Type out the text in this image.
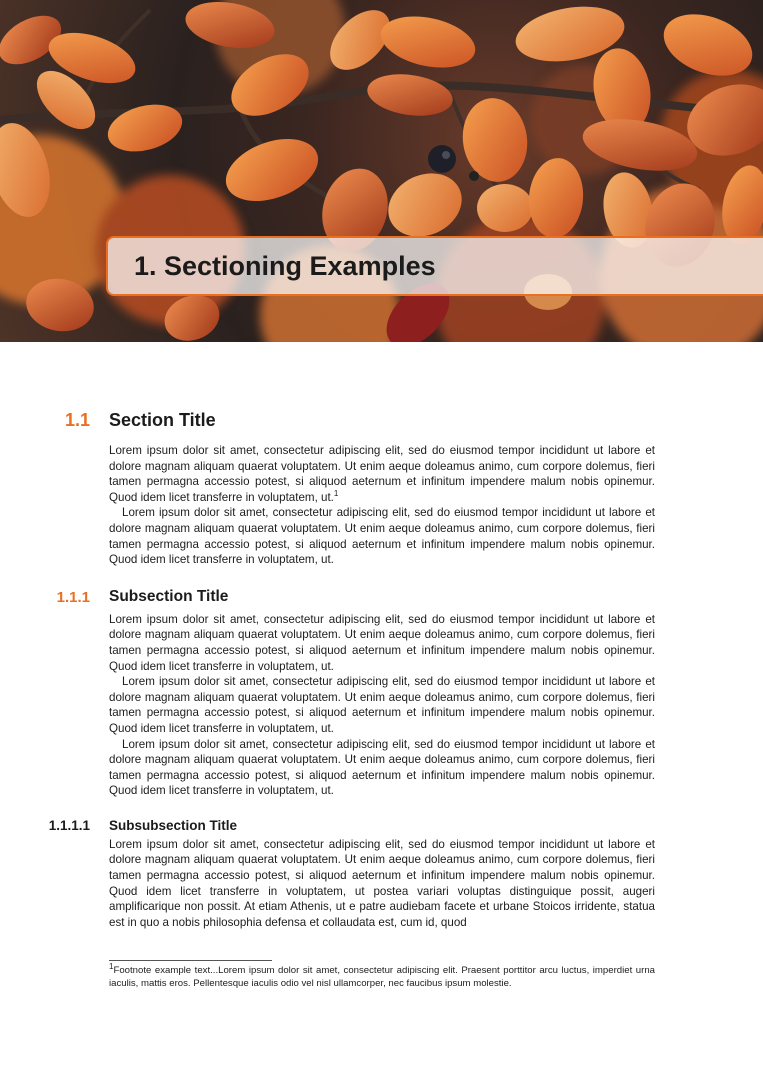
1. Sectioning Examples
1.1 Section Title

Lorem ipsum dolor sit amet, consectetur adipiscing elit, sed do eiusmod tempor incididunt ut labore et dolore magnam aliquam quaerat voluptatem. Ut enim aeque doleamus animo, cum corpore dolemus, fieri tamen permagna accessio potest, si aliquod aeternum et infinitum impendere malum nobis opinemur. Quod idem licet transferre in voluptatem, ut.$^1$

Lorem ipsum dolor sit amet, consectetur adipiscing elit, sed do eiusmod tempor incididunt ut labore et dolore magnam aliquam quaerat voluptatem. Ut enim aeque doleamus animo, cum corpore dolemus, fieri tamen permagna accessio potest, si aliquod aeternum et infinitum impendere malum nobis opinemur. Quod idem licet transferre in voluptatem, ut.

1.1.1 Subsection Title

Lorem ipsum dolor sit amet, consectetur adipiscing elit, sed do eiusmod tempor incididunt ut labore et dolore magnam aliquam quaerat voluptatem. Ut enim aeque doleamus animo, cum corpore dolemus, fieri tamen permagna accessio potest, si aliquod aeternum et infinitum impendere malum nobis opinemur. Quod idem licet transferre in voluptatem, ut.

Lorem ipsum dolor sit amet, consectetur adipiscing elit, sed do eiusmod tempor incididunt ut labore et dolore magnam aliquam quaerat voluptatem. Ut enim aeque doleamus animo, cum corpore dolemus, fieri tamen permagna accessio potest, si aliquod aeternum et infinitum impendere malum nobis opinemur. Quod idem licet transferre in voluptatem, ut.

Lorem ipsum dolor sit amet, consectetur adipiscing elit, sed do eiusmod tempor incididunt ut labore et dolore magnam aliquam quaerat voluptatem. Ut enim aeque doleamus animo, cum corpore dolemus, fieri tamen permagna accessio potest, si aliquod aeternum et infinitum impendere malum nobis opinemur. Quod idem licet transferre in voluptatem, ut.

1.1.1.1 Subsubsection Title

Lorem ipsum dolor sit amet, consectetur adipiscing elit, sed do eiusmod tempor incididunt ut labore et dolore magnam aliquam quaerat voluptatem. Ut enim aeque doleamus animo, cum corpore dolemus, fieri tamen permagna accessio potest, si aliquod aeternum et infinitum impendere malum nobis opinemur. Quod idem licet transferre in voluptatem, ut postea variari voluptas distinguique possit, augeri amplificarique non possit. At etiam Athenis, ut e patre audiebam facete et urbane Stoicos irridente, statua est in quo a nobis philosophia defensa et collaudata est, cum id, quod

$^1$Footnote example text...Lorem ipsum dolor sit amet, consectetur adipiscing elit. Praesent porttitor arcu luctus, imperdiet urna iaculis, mattis eros. Pellentesque iaculis odio vel nisl ullamcorper, nec faucibus ipsum molestie.
